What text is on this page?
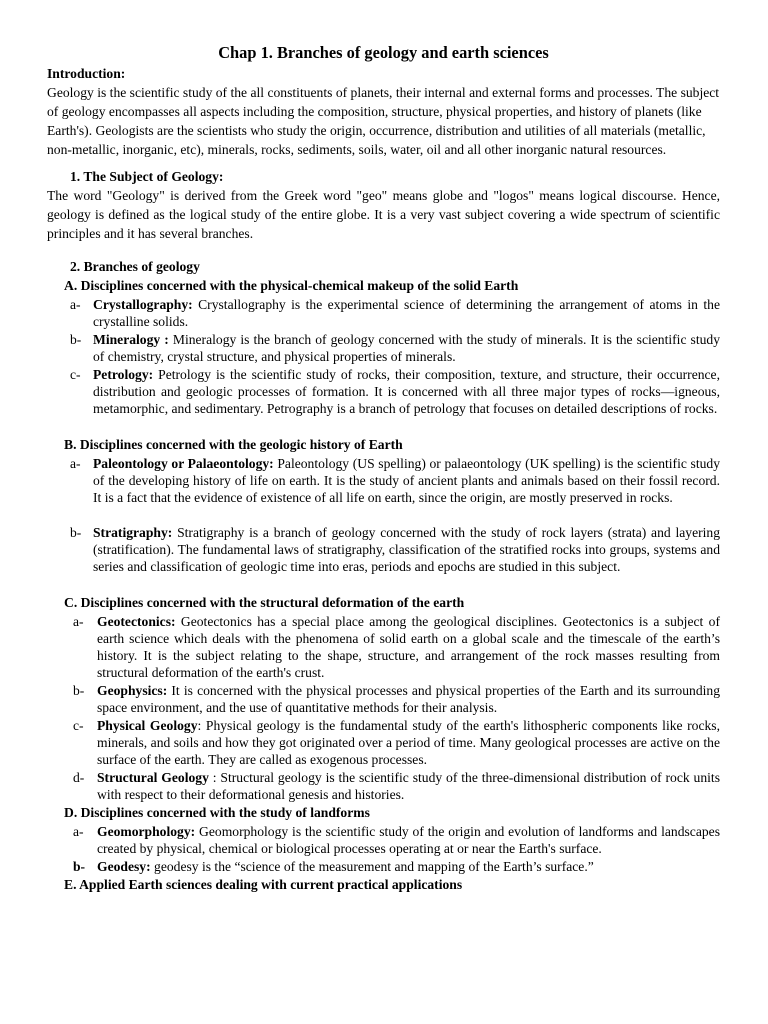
Chap 1. Branches of geology and earth sciences

Introduction:

Geology is the scientific study of the all constituents of planets, their internal and external forms and processes. The subject of geology encompasses all aspects including the composition, structure, physical properties, and history of planets (like Earth's). Geologists are the scientists who study the origin, occurrence, distribution and utilities of all materials (metallic, non-metallic, inorganic, etc), minerals, rocks, sediments, soils, water, oil and all other inorganic natural resources.

1. The Subject of Geology:

The word "Geology" is derived from the Greek word "geo" means globe and "logos" means logical discourse. Hence, geology is defined as the logical study of the entire globe. It is a very vast subject covering a wide spectrum of scientific principles and it has several branches.

2. Branches of geology

A. Disciplines concerned with the physical-chemical makeup of the solid Earth

a- Crystallography: Crystallography is the experimental science of determining the arrangement of atoms in the crystalline solids.
b- Mineralogy : Mineralogy is the branch of geology concerned with the study of minerals. It is the scientific study of chemistry, crystal structure, and physical properties of minerals.
c- Petrology: Petrology is the scientific study of rocks, their composition, texture, and structure, their occurrence, distribution and geologic processes of formation. It is concerned with all three major types of rocks—igneous, metamorphic, and sedimentary. Petrography is a branch of petrology that focuses on detailed descriptions of rocks.

B. Disciplines concerned with the geologic history of Earth

a- Paleontology or Palaeontology: Paleontology (US spelling) or palaeontology (UK spelling) is the scientific study of the developing history of life on earth. It is the study of ancient plants and animals based on their fossil record. It is a fact that the evidence of existence of all life on earth, since the origin, are mostly preserved in rocks.
b- Stratigraphy: Stratigraphy is a branch of geology concerned with the study of rock layers (strata) and layering (stratification). The fundamental laws of stratigraphy, classification of the stratified rocks into groups, systems and series and classification of geologic time into eras, periods and epochs are studied in this subject.

C. Disciplines concerned with the structural deformation of the earth

a- Geotectonics: Geotectonics has a special place among the geological disciplines. Geotectonics is a subject of earth science which deals with the phenomena of solid earth on a global scale and the timescale of the earth’s history. It is the subject relating to the shape, structure, and arrangement of the rock masses resulting from structural deformation of the earth's crust.
b- Geophysics: It is concerned with the physical processes and physical properties of the Earth and its surrounding space environment, and the use of quantitative methods for their analysis.
c- Physical Geology: Physical geology is the fundamental study of the earth's lithospheric components like rocks, minerals, and soils and how they got originated over a period of time. Many geological processes are active on the surface of the earth. They are called as exogenous processes.
d- Structural Geology : Structural geology is the scientific study of the three-dimensional distribution of rock units with respect to their deformational genesis and histories.

D. Disciplines concerned with the study of landforms

a- Geomorphology: Geomorphology is the scientific study of the origin and evolution of landforms and landscapes created by physical, chemical or biological processes operating at or near the Earth's surface.
b- Geodesy: geodesy is the “science of the measurement and mapping of the Earth’s surface.”

E. Applied Earth sciences dealing with current practical applications
